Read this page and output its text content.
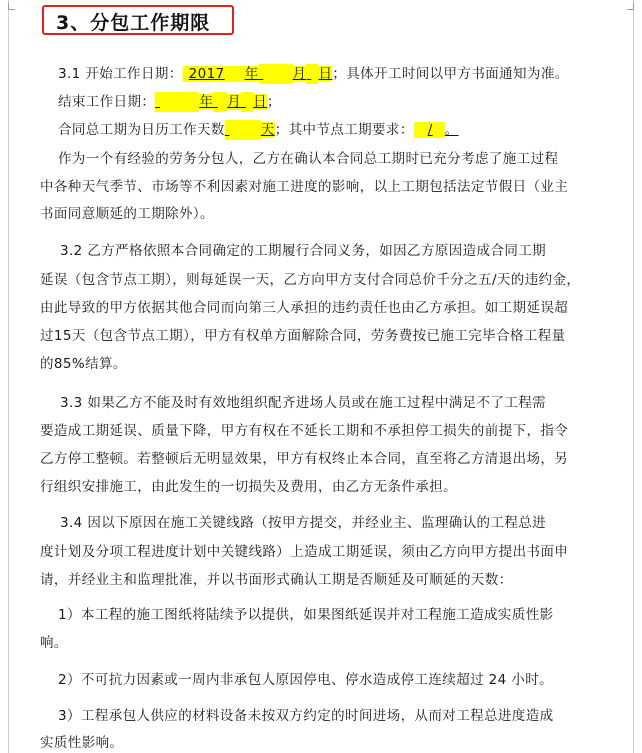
3、分包工作期限
3.1 开始工作日期： 2017 年	月 日；具体开工时间以甲方书面通知为准。
结束工作日期：	年 月 日；
合同总工期为日历工作天数	天；其中节点工期要求： / 。
作为一个有经验的劳务分包人，乙方在确认本合同总工期时已充分考虑了施工过程
中各种天气季节、市场等不利因素对施工进度的影响，以上工期包括法定节假日（业主
书面同意顺延的工期除外）。
3.2 乙方严格依照本合同确定的工期履行合同义务，如因乙方原因造成合同工期
延误（包含节点工期），则每延误一天，乙方向甲方支付合同总价千分之五/天的违约金，
由此导致的甲方依据其他合同而向第三人承担的违约责任也由乙方承担。如工期延误超
过15天（包含节点工期），甲方有权单方面解除合同，劳务费按已施工完毕合格工程量
的85%结算。
3.3 如果乙方不能及时有效地组织配齐进场人员或在施工过程中满足不了工程需
要造成工期延误、质量下降，甲方有权在不延长工期和不承担停工损失的前提下，指令
乙方停工整顿。若整顿后无明显效果，甲方有权终止本合同，直至将乙方清退出场，另
行组织安排施工，由此发生的一切损失及费用，由乙方无条件承担。
3.4 因以下原因在施工关键线路（按甲方提交，并经业主、监理确认的工程总进
度计划及分项工程进度计划中关键线路）上造成工期延误，须由乙方向甲方提出书面申
请，并经业主和监理批准，并以书面形式确认工期是否顺延及可顺延的天数：
1）本工程的施工图纸将陆续予以提供，如果图纸延误并对工程施工造成实质性影
响。
2）不可抗力因素或一周内非承包人原因停电、停水造成停工连续超过 24 小时。
3）工程承包人供应的材料设备未按双方约定的时间进场，从而对工程总进度造成
实质性影响。
